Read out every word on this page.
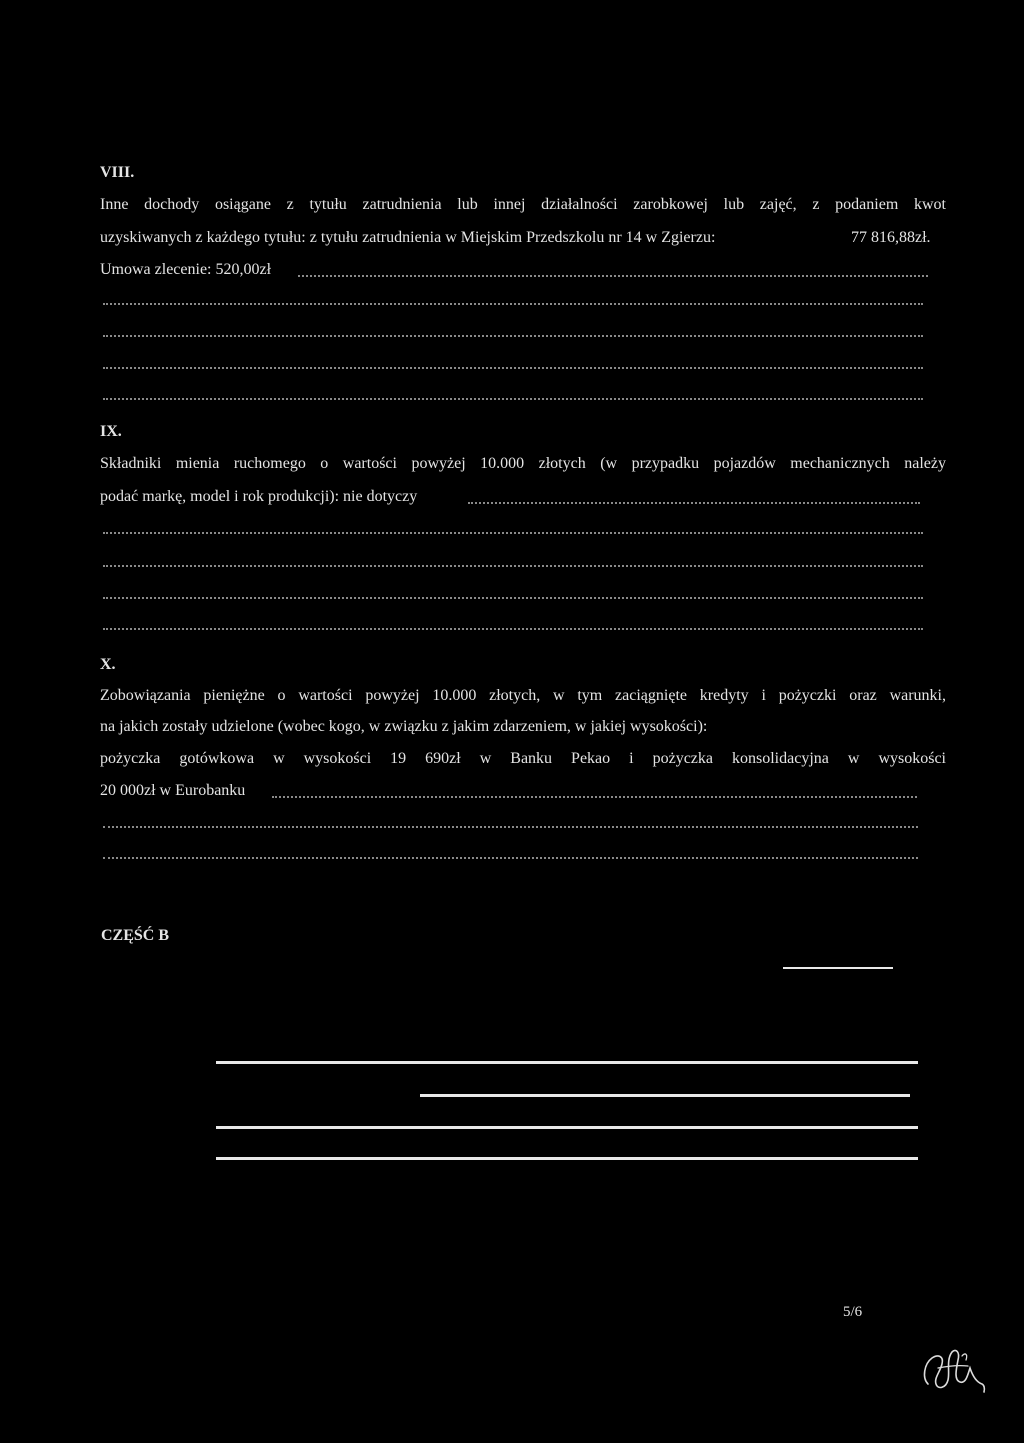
VIII.
Inne dochody osiągane z tytułu zatrudnienia lub innej działalności zarobkowej lub zajęć, z podaniem kwot
uzyskiwanych z każdego tytułu: z tytułu zatrudnienia w Miejskim Przedszkolu nr 14 w Zgierzu:	77 816,88zł.
Umowa zlecenie: 520,00zł
IX.
Składniki mienia ruchomego o wartości powyżej 10.000 złotych (w przypadku pojazdów mechanicznych należy
podać markę, model i rok produkcji): nie dotyczy
X.
Zobowiązania pieniężne o wartości powyżej 10.000 złotych, w tym zaciągnięte kredyty i pożyczki oraz warunki,
na jakich zostały udzielone (wobec kogo, w związku z jakim zdarzeniem, w jakiej wysokości):
pożyczka gotówkowa w wysokości 19 690zł w Banku Pekao i pożyczka konsolidacyjna w wysokości
20 000zł w Eurobanku
CZĘŚĆ B
5/6
